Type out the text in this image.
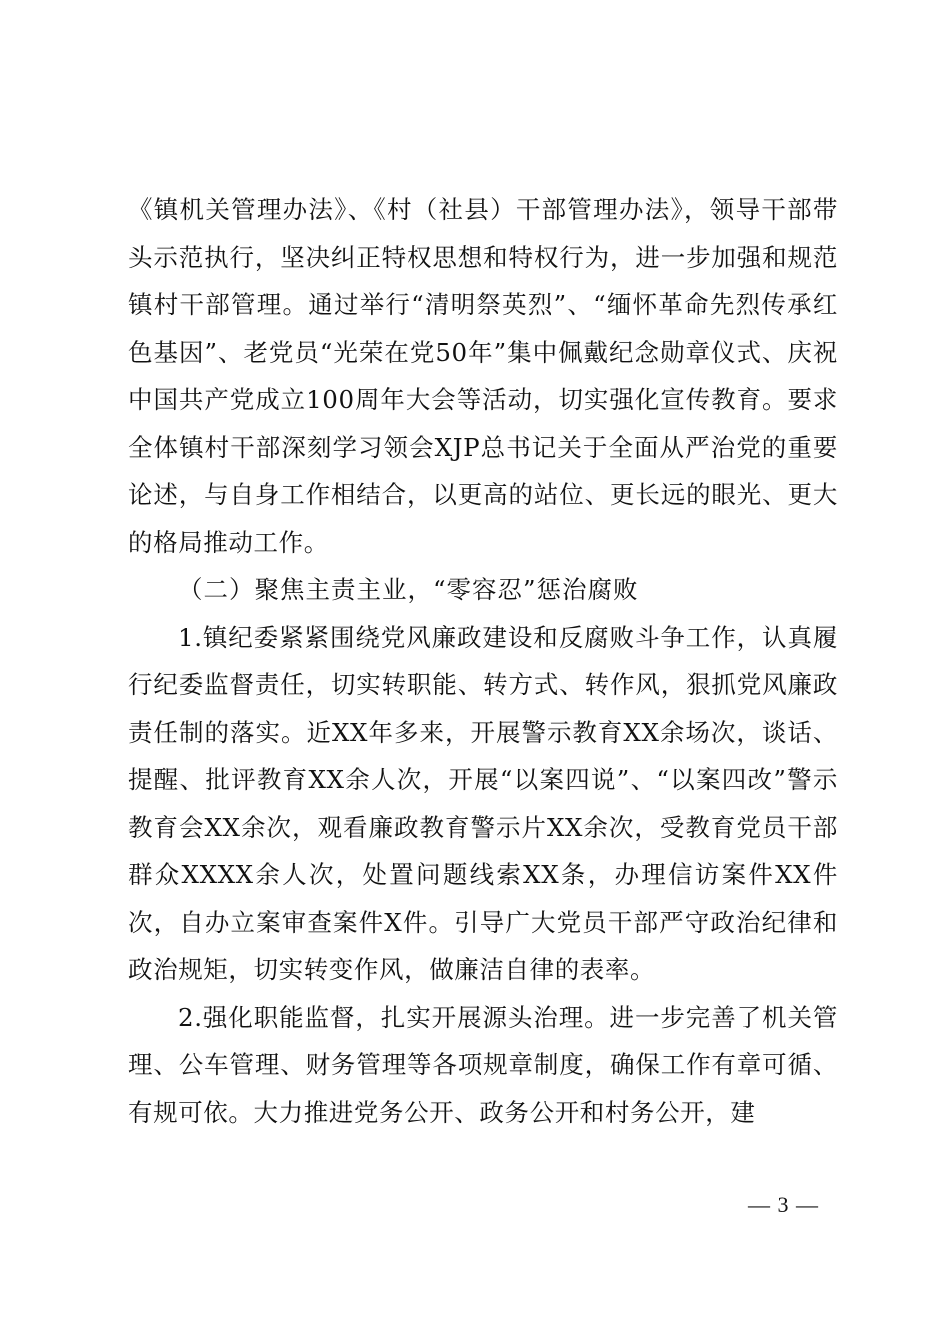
《镇机关管理办法》、《村（社县）干部管理办法》，领导干部带头示范执行，坚决纠正特权思想和特权行为，进一步加强和规范镇村干部管理。通过举行“清明祭英烈”、“缅怀革命先烈传承红色基因”、老党员“光荣在党50年”集中佩戴纪念勋章仪式、庆祝中国共产党成立100周年大会等活动，切实强化宣传教育。要求全体镇村干部深刻学习领会XJP总书记关于全面从严治党的重要论述，与自身工作相结合，以更高的站位、更长远的眼光、更大的格局推动工作。

（二）聚焦主责主业，“零容忍”惩治腐败

1.镇纪委紧紧围绕党风廉政建设和反腐败斗争工作，认真履行纪委监督责任，切实转职能、转方式、转作风，狠抓党风廉政责任制的落实。近XX年多来，开展警示教育XX余场次，谈话、提醒、批评教育XX余人次，开展“以案四说”、“以案四改”警示教育会XX余次，观看廉政教育警示片XX余次，受教育党员干部群众XXXX余人次，处置问题线索XX条，办理信访案件XX件次，自办立案审查案件X件。引导广大党员干部严守政治纪律和政治规矩，切实转变作风，做廉洁自律的表率。

2.强化职能监督，扎实开展源头治理。进一步完善了机关管理、公车管理、财务管理等各项规章制度，确保工作有章可循、有规可依。大力推进党务公开、政务公开和村务公开，建

— 3 —
